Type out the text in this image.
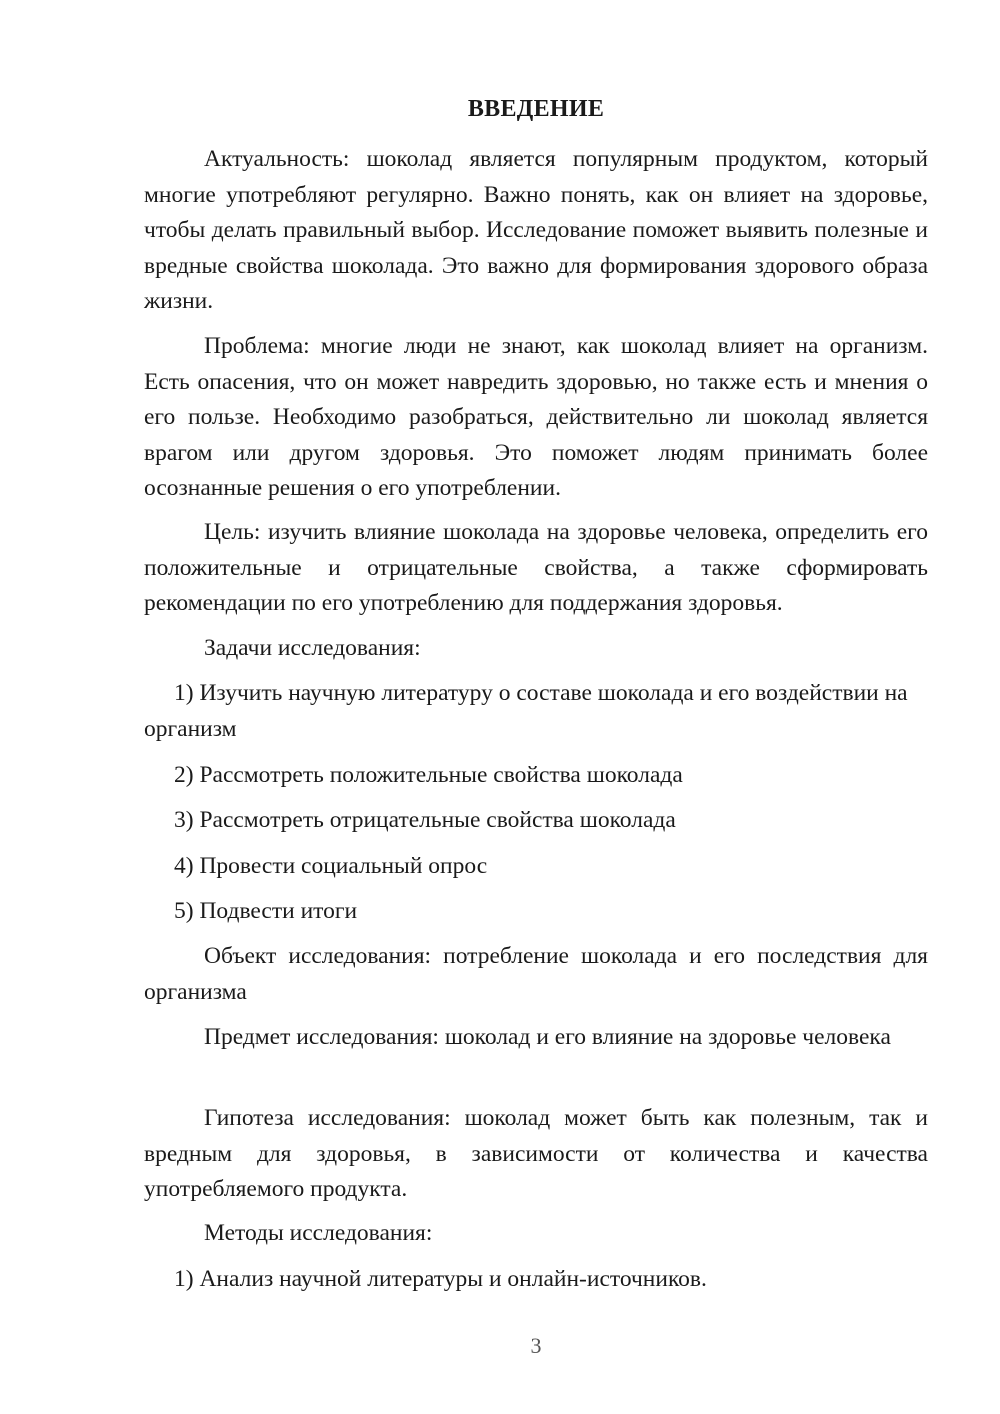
ВВЕДЕНИЕ

Актуальность: шоколад является популярным продуктом, который многие употребляют регулярно. Важно понять, как он влияет на здоровье, чтобы делать правильный выбор. Исследование поможет выявить полезные и вредные свойства шоколада. Это важно для формирования здорового образа жизни.

Проблема: многие люди не знают, как шоколад влияет на организм. Есть опасения, что он может навредить здоровью, но также есть и мнения о его пользе. Необходимо разобраться, действительно ли шоколад является врагом или другом здоровья. Это поможет людям принимать более осознанные решения о его употреблении.

Цель: изучить влияние шоколада на здоровье человека, определить его положительные и отрицательные свойства, а также сформировать рекомендации по его употреблению для поддержания здоровья.

Задачи исследования:

1) Изучить научную литературу о составе шоколада и его воздействии на организм

2) Рассмотреть положительные свойства шоколада

3) Рассмотреть отрицательные свойства шоколада

4) Провести социальный опрос

5) Подвести итоги

Объект исследования: потребление шоколада и его последствия для организма

Предмет исследования: шоколад и его влияние на здоровье человека

Гипотеза исследования: шоколад может быть как полезным, так и вредным для здоровья, в зависимости от количества и качества употребляемого продукта.

Методы исследования:

1) Анализ научной литературы и онлайн-источников.

3
